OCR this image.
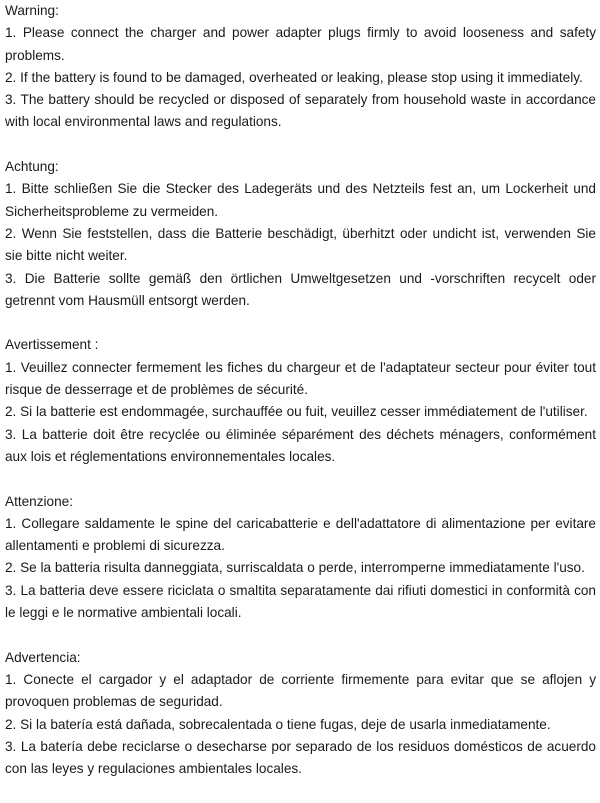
Warning:
1. Please connect the charger and power adapter plugs firmly to avoid looseness and safety problems.
2. If the battery is found to be damaged, overheated or leaking, please stop using it immediately.
3. The battery should be recycled or disposed of separately from household waste in accordance with local environmental laws and regulations.
Achtung:
1. Bitte schließen Sie die Stecker des Ladegeräts und des Netzteils fest an, um Lockerheit und Sicherheitsprobleme zu vermeiden.
2. Wenn Sie feststellen, dass die Batterie beschädigt, überhitzt oder undicht ist, verwenden Sie sie bitte nicht weiter.
3. Die Batterie sollte gemäß den örtlichen Umweltgesetzen und -vorschriften recycelt oder getrennt vom Hausmüll entsorgt werden.
Avertissement :
1. Veuillez connecter fermement les fiches du chargeur et de l'adaptateur secteur pour éviter tout risque de desserrage et de problèmes de sécurité.
2. Si la batterie est endommagée, surchauffée ou fuit, veuillez cesser immédiatement de l'utiliser.
3. La batterie doit être recyclée ou éliminée séparément des déchets ménagers, conformément aux lois et réglementations environnementales locales.
Attenzione:
1. Collegare saldamente le spine del caricabatterie e dell'adattatore di alimentazione per evitare allentamenti e problemi di sicurezza.
2. Se la batteria risulta danneggiata, surriscaldata o perde, interromperne immediatamente l'uso.
3. La batteria deve essere riciclata o smaltita separatamente dai rifiuti domestici in conformità con le leggi e le normative ambientali locali.
Advertencia:
1. Conecte el cargador y el adaptador de corriente firmemente para evitar que se aflojen y provoquen problemas de seguridad.
2. Si la batería está dañada, sobrecalentada o tiene fugas, deje de usarla inmediatamente.
3. La batería debe reciclarse o desecharse por separado de los residuos domésticos de acuerdo con las leyes y regulaciones ambientales locales.
